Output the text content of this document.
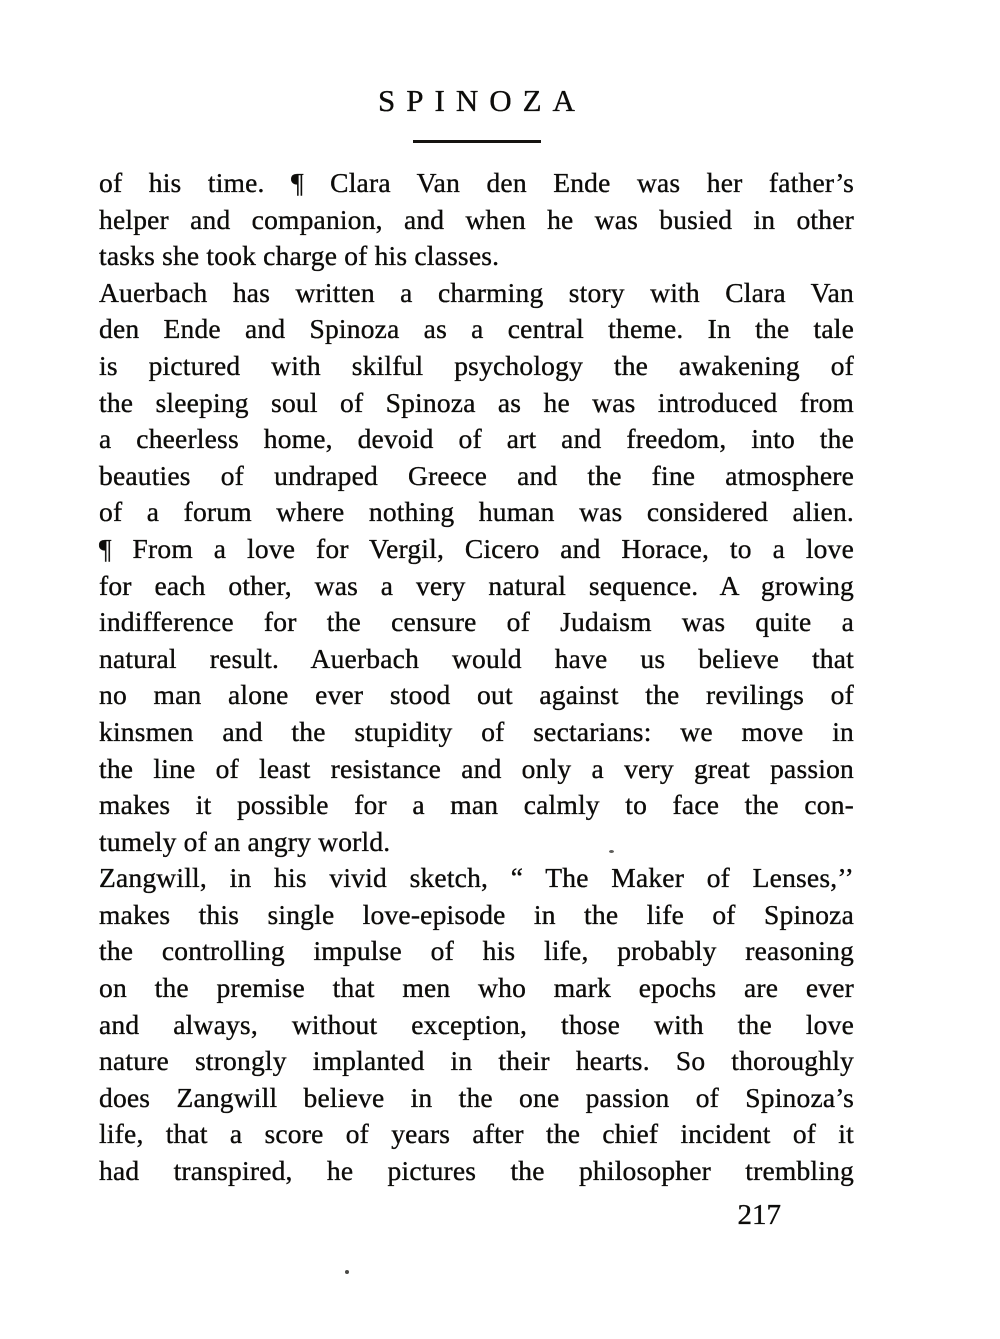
SPINOZA
of his time. ¶ Clara Van den Ende was her father’s
helper and companion, and when he was busied in other
tasks she took charge of his classes.
Auerbach has written a charming story with Clara Van
den Ende and Spinoza as a central theme. In the tale
is pictured with skilful psychology the awakening of
the sleeping soul of Spinoza as he was introduced from
a cheerless home, devoid of art and freedom, into the
beauties of undraped Greece and the fine atmosphere
of a forum where nothing human was considered alien.
¶ From a love for Vergil, Cicero and Horace, to a love
for each other, was a very natural sequence. A growing
indifference for the censure of Judaism was quite a
natural result. Auerbach would have us believe that
no man alone ever stood out against the revilings of
kinsmen and the stupidity of sectarians: we move in
the line of least resistance and only a very great passion
makes it possible for a man calmly to face the con-
tumely of an angry world.
Zangwill, in his vivid sketch, “ The Maker of Lenses,’’
makes this single love-episode in the life of Spinoza
the controlling impulse of his life, probably reasoning
on the premise that men who mark epochs are ever
and always, without exception, those with the love
nature strongly implanted in their hearts. So thoroughly
does Zangwill believe in the one passion of Spinoza’s
life, that a score of years after the chief incident of it
had transpired, he pictures the philosopher trembling
217
